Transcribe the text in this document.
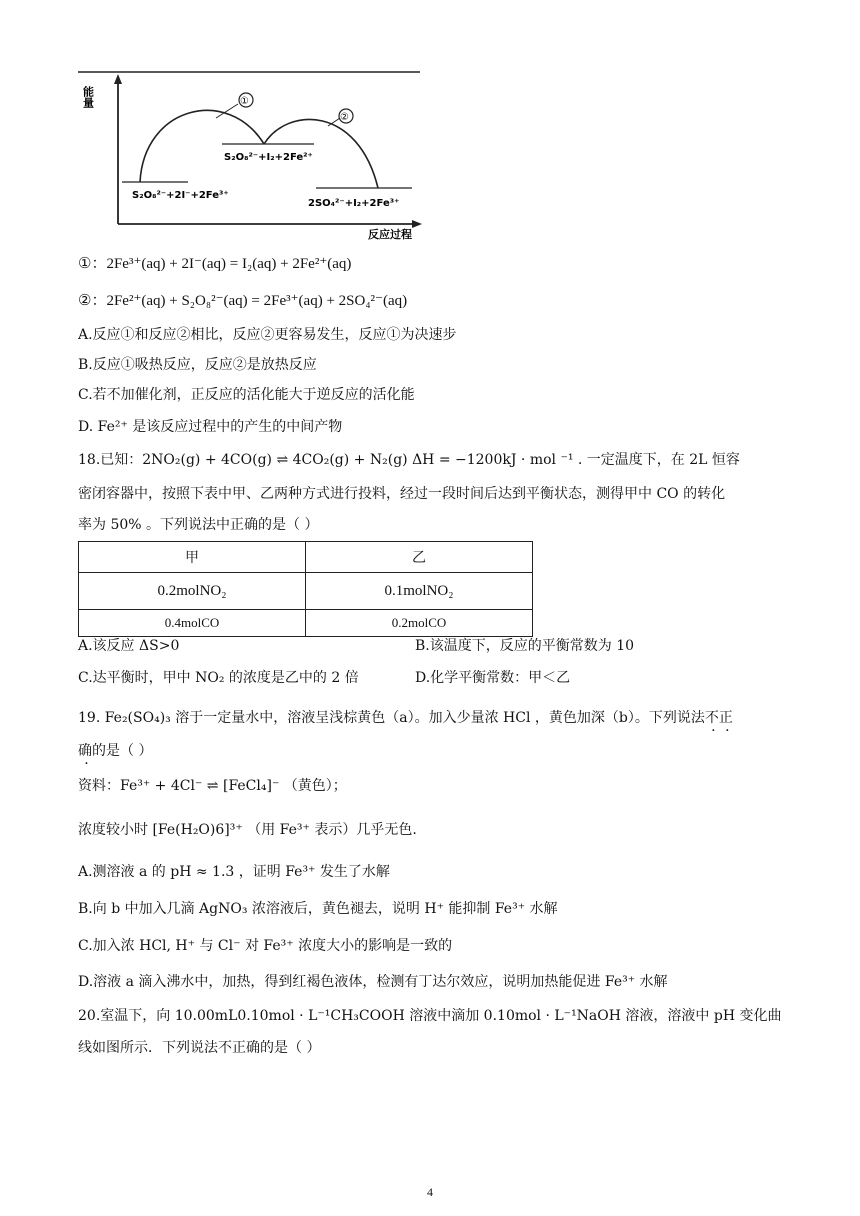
能量
反应过程
①
②
S₂O₈²⁻+2I⁻+2Fe³⁺
S₂O₈²⁻+I₂+2Fe²⁺
2SO₄²⁻+I₂+2Fe³⁺
①：2Fe³⁺(aq) + 2I⁻(aq) = I₂(aq) + 2Fe²⁺(aq)
②：2Fe²⁺(aq) + S₂O₈²⁻(aq) = 2Fe³⁺(aq) + 2SO₄²⁻(aq)
A.反应①和反应②相比，反应②更容易发生，反应①为决速步
B.反应①吸热反应，反应②是放热反应
C.若不加催化剂，正反应的活化能大于逆反应的活化能
D. Fe²⁺ 是该反应过程中的产生的中间产物
18.已知：2NO₂(g) + 4CO(g) ⇌ 4CO₂(g) + N₂(g) ΔH = −1200kJ · mol ⁻¹ . 一定温度下，在 2L 恒容
密闭容器中，按照下表中甲、乙两种方式进行投料，经过一段时间后达到平衡状态，测得甲中 CO 的转化
率为 50% 。下列说法中正确的是（ ）
甲	乙
0.2molNO₂	0.1molNO₂
0.4molCO	0.2molCO
A.该反应 ΔS>0	B.该温度下，反应的平衡常数为 10
C.达平衡时，甲中 NO₂ 的浓度是乙中的 2 倍	D.化学平衡常数：甲＜乙
19. Fe₂(SO₄)₃ 溶于一定量水中，溶液呈浅棕黄色（a）。加入少量浓 HCl ，黄色加深（b）。下列说法不正
确的是（ ）
资料：Fe³⁺ + 4Cl⁻ ⇌ [FeCl₄]⁻ （黄色）；
浓度较小时 [Fe(H₂O)6]³⁺ （用 Fe³⁺ 表示）几乎无色.
A.测溶液 a 的 pH ≈ 1.3 ，证明 Fe³⁺ 发生了水解
B.向 b 中加入几滴 AgNO₃ 浓溶液后，黄色褪去，说明 H⁺ 能抑制 Fe³⁺ 水解
C.加入浓 HCl, H⁺ 与 Cl⁻ 对 Fe³⁺ 浓度大小的影响是一致的
D.溶液 a 滴入沸水中，加热，得到红褐色液体，检测有丁达尔效应，说明加热能促进 Fe³⁺ 水解
20.室温下，向 10.00mL0.10mol · L⁻¹CH₃COOH 溶液中滴加 0.10mol · L⁻¹NaOH 溶液，溶液中 pH 变化曲
线如图所示．下列说法不正确的是（ ）
4
